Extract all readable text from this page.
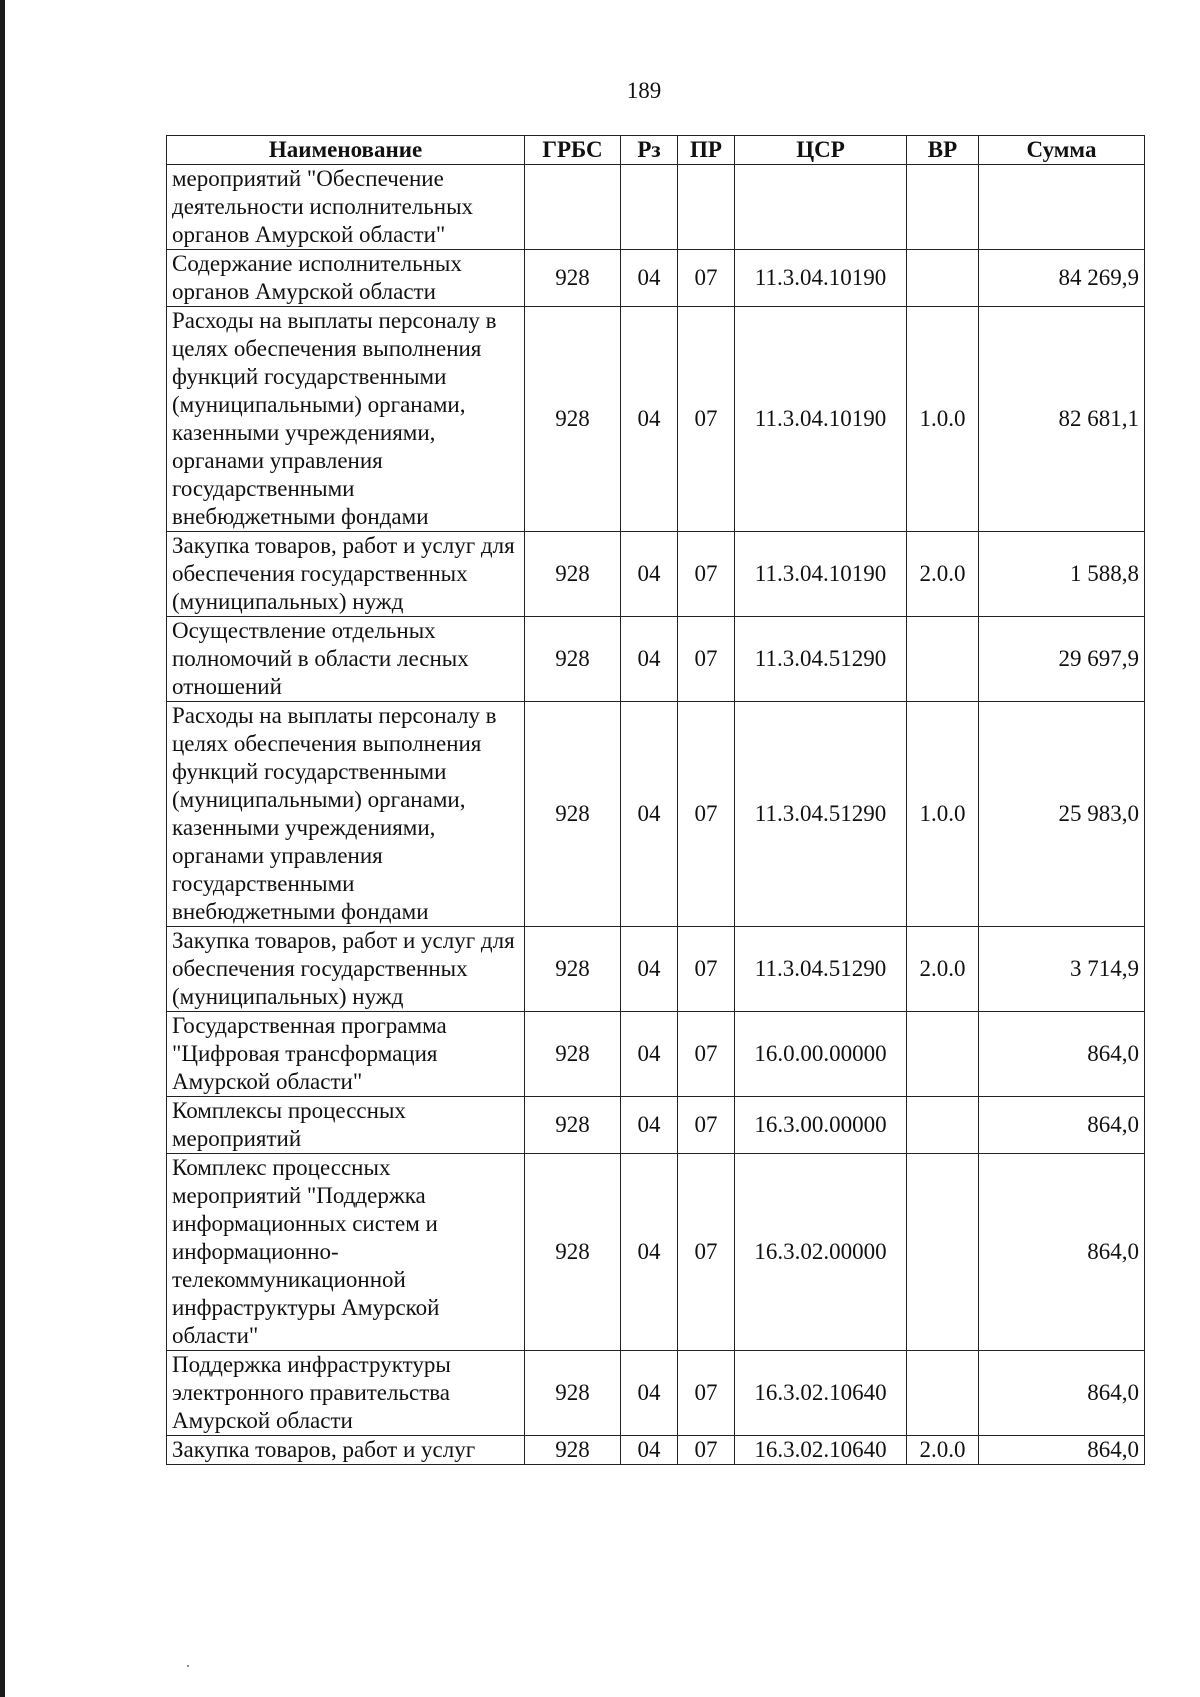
189
Наименование	ГРБС	Рз	ПР	ЦСР	ВР	Сумма
мероприятий "Обеспечение деятельности исполнительных органов Амурской области"						
Содержание исполнительных органов Амурской области	928	04	07	11.3.04.10190		84 269,9
Расходы на выплаты персоналу в целях обеспечения выполнения функций государственными (муниципальными) органами, казенными учреждениями, органами управления государственными внебюджетными фондами	928	04	07	11.3.04.10190	1.0.0	82 681,1
Закупка товаров, работ и услуг для обеспечения государственных (муниципальных) нужд	928	04	07	11.3.04.10190	2.0.0	1 588,8
Осуществление отдельных полномочий в области лесных отношений	928	04	07	11.3.04.51290		29 697,9
Расходы на выплаты персоналу в целях обеспечения выполнения функций государственными (муниципальными) органами, казенными учреждениями, органами управления государственными внебюджетными фондами	928	04	07	11.3.04.51290	1.0.0	25 983,0
Закупка товаров, работ и услуг для обеспечения государственных (муниципальных) нужд	928	04	07	11.3.04.51290	2.0.0	3 714,9
Государственная программа "Цифровая трансформация Амурской области"	928	04	07	16.0.00.00000		864,0
Комплексы процессных мероприятий	928	04	07	16.3.00.00000		864,0
Комплекс процессных мероприятий "Поддержка информационных систем и информационно-телекоммуникационной инфраструктуры Амурской области"	928	04	07	16.3.02.00000		864,0
Поддержка инфраструктуры электронного правительства Амурской области	928	04	07	16.3.02.10640		864,0
Закупка товаров, работ и услуг	928	04	07	16.3.02.10640	2.0.0	864,0
